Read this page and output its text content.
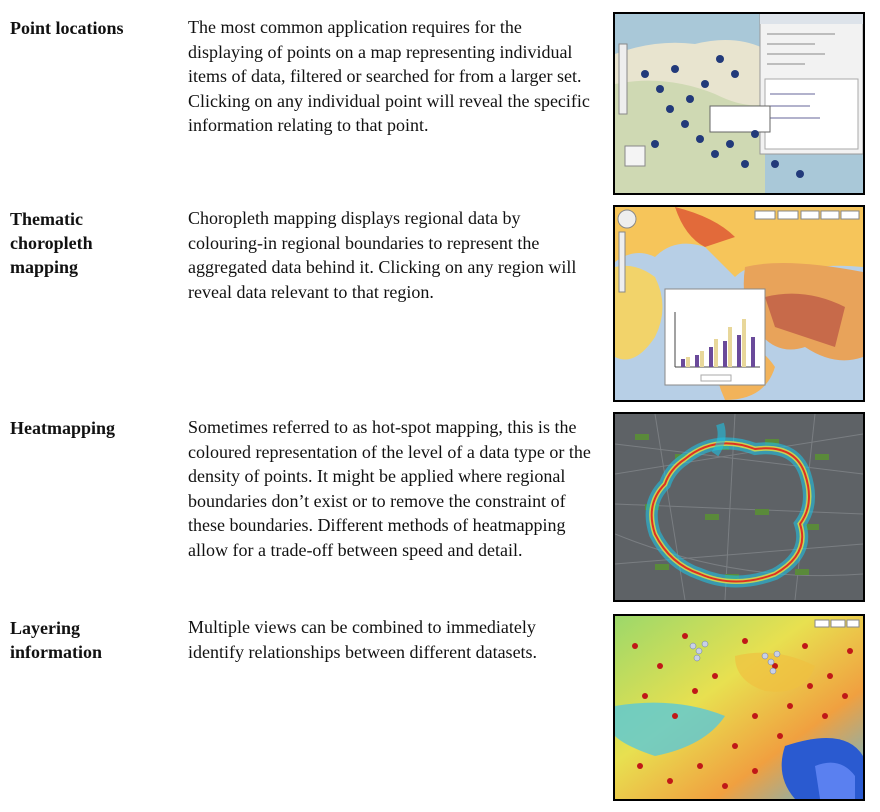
Point locations	The most common application requires for the displaying of points on a map representing individual items of data, filtered or searched for from a larger set. Clicking on any individual point will reveal the specific information relating to that point.
Thematic choropleth mapping
Choropleth mapping displays regional data by colouring-in regional boundaries to represent the aggregated data behind it. Clicking on any region will reveal data relevant to that region.
Heatmapping	Sometimes referred to as hot-spot mapping, this is the coloured representation of the level of a data type or the density of points. It might be applied where regional boundaries don’t exist or to remove the constraint of these boundaries. Different methods of heatmapping allow for a trade-off between speed and detail.
Layering information
Multiple views can be combined to immediately identify relationships between different datasets.
